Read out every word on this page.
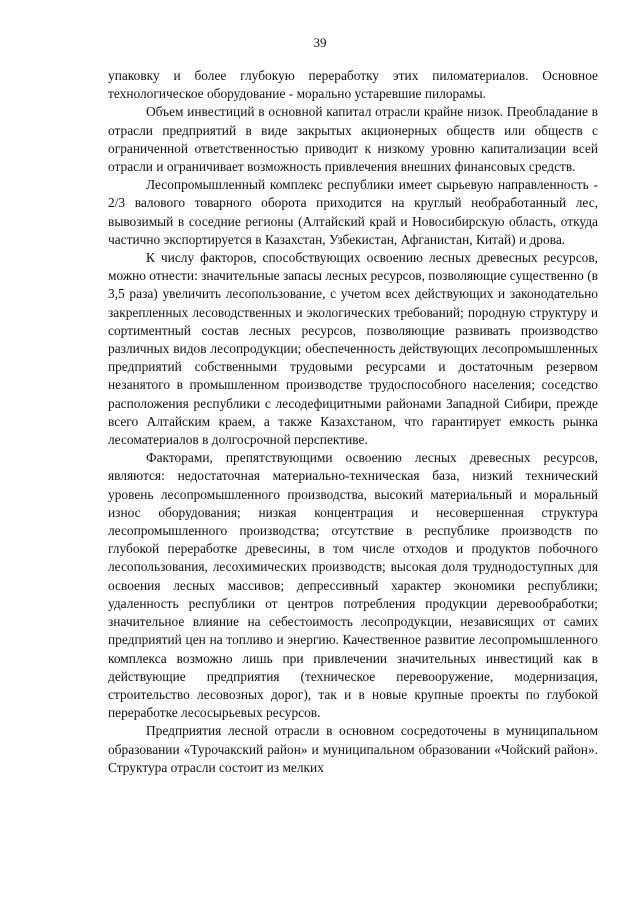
39

упаковку и более глубокую переработку этих пиломатериалов. Основное технологическое оборудование - морально устаревшие пилорамы.

Объем инвестиций в основной капитал отрасли крайне низок. Преобладание в отрасли предприятий в виде закрытых акционерных обществ или обществ с ограниченной ответственностью приводит к низкому уровню капитализации всей отрасли и ограничивает возможность привлечения внешних финансовых средств.

Лесопромышленный комплекс республики имеет сырьевую направленность - 2/3 валового товарного оборота приходится на круглый необработанный лес, вывозимый в соседние регионы (Алтайский край и Новосибирскую область, откуда частично экспортируется в Казахстан, Узбекистан, Афганистан, Китай) и дрова.

К числу факторов, способствующих освоению лесных древесных ресурсов, можно отнести: значительные запасы лесных ресурсов, позволяющие существенно (в 3,5 раза) увеличить лесопользование, с учетом всех действующих и законодательно закрепленных лесоводственных и экологических требований; породную структуру и сортиментный состав лесных ресурсов, позволяющие развивать производство различных видов лесопродукции; обеспеченность действующих лесопромышленных предприятий собственными трудовыми ресурсами и достаточным резервом незанятого в промышленном производстве трудоспособного населения; соседство расположения республики с лесодефицитными районами Западной Сибири, прежде всего Алтайским краем, а также Казахстаном, что гарантирует емкость рынка лесоматериалов в долгосрочной перспективе.

Факторами, препятствующими освоению лесных древесных ресурсов, являются: недостаточная материально-техническая база, низкий технический уровень лесопромышленного производства, высокий материальный и моральный износ оборудования; низкая концентрация и несовершенная структура лесопромышленного производства; отсутствие в республике производств по глубокой переработке древесины, в том числе отходов и продуктов побочного лесопользования, лесохимических производств; высокая доля труднодоступных для освоения лесных массивов; депрессивный характер экономики республики; удаленность республики от центров потребления продукции деревообработки; значительное влияние на себестоимость лесопродукции, независящих от самих предприятий цен на топливо и энергию. Качественное развитие лесопромышленного комплекса возможно лишь при привлечении значительных инвестиций как в действующие предприятия (техническое перевооружение, модернизация, строительство лесовозных дорог), так и в новые крупные проекты по глубокой переработке лесосырьевых ресурсов.

Предприятия лесной отрасли в основном сосредоточены в муниципальном образовании «Турочакский район» и муниципальном образовании «Чойский район». Структура отрасли состоит из мелких
